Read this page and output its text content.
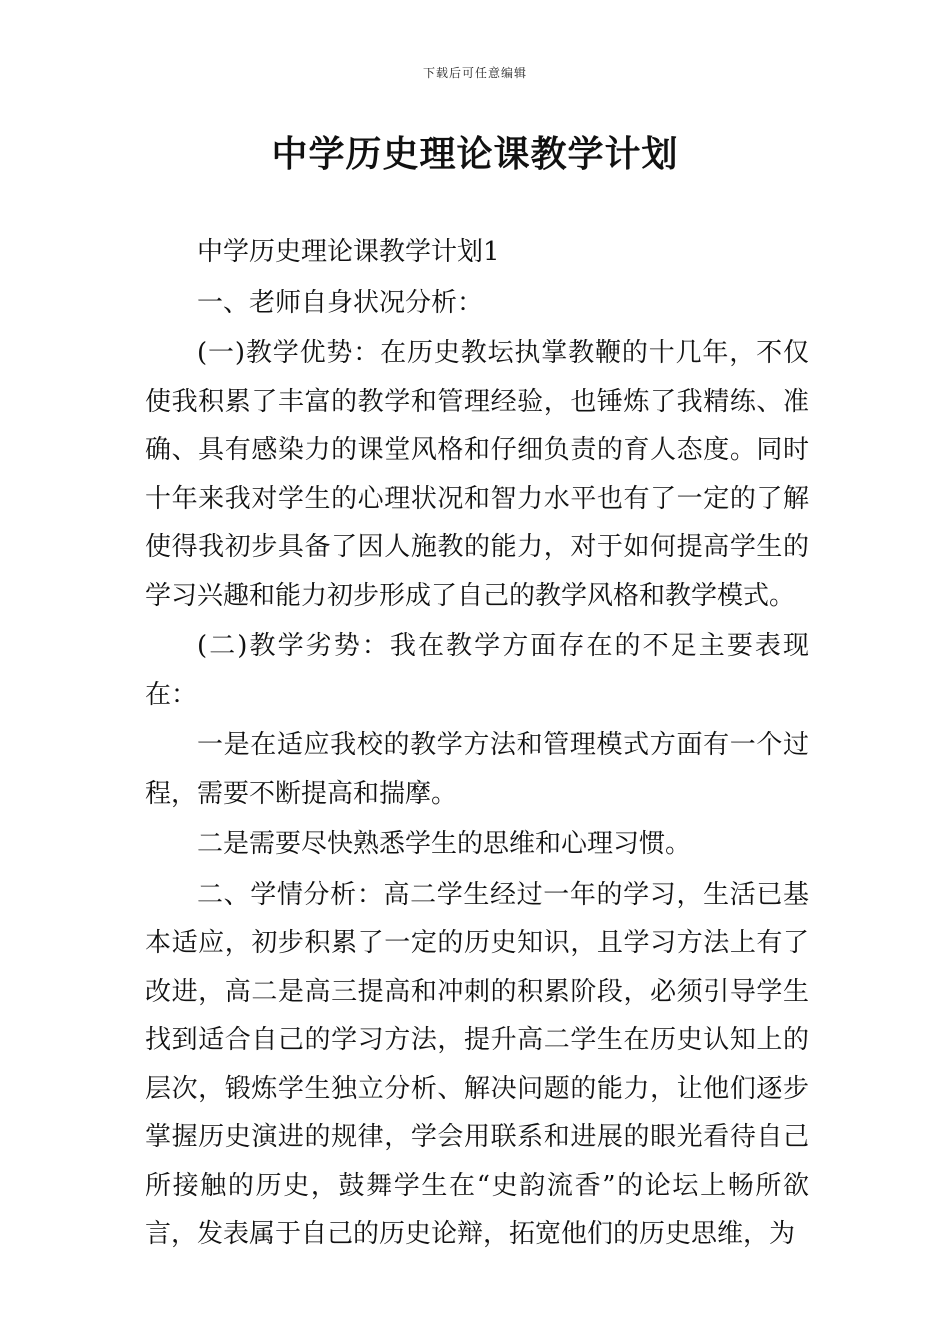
下载后可任意编辑
中学历史理论课教学计划

中学历史理论课教学计划1

一、老师自身状况分析：

(一)教学优势：在历史教坛执掌教鞭的十几年，不仅使我积累了丰富的教学和管理经验，也锤炼了我精练、准确、具有感染力的课堂风格和仔细负责的育人态度。同时十年来我对学生的心理状况和智力水平也有了一定的了解使得我初步具备了因人施教的能力，对于如何提高学生的学习兴趣和能力初步形成了自己的教学风格和教学模式。

(二)教学劣势：我在教学方面存在的不足主要表现在：

一是在适应我校的教学方法和管理模式方面有一个过程，需要不断提高和揣摩。

二是需要尽快熟悉学生的思维和心理习惯。

二、学情分析：高二学生经过一年的学习，生活已基本适应，初步积累了一定的历史知识，且学习方法上有了改进，高二是高三提高和冲刺的积累阶段，必须引导学生找到适合自己的学习方法，提升高二学生在历史认知上的层次，锻炼学生独立分析、解决问题的能力，让他们逐步掌握历史演进的规律，学会用联系和进展的眼光看待自己所接触的历史，鼓舞学生在“史韵流香”的论坛上畅所欲言，发表属于自己的历史论辩，拓宽他们的历史思维，为
